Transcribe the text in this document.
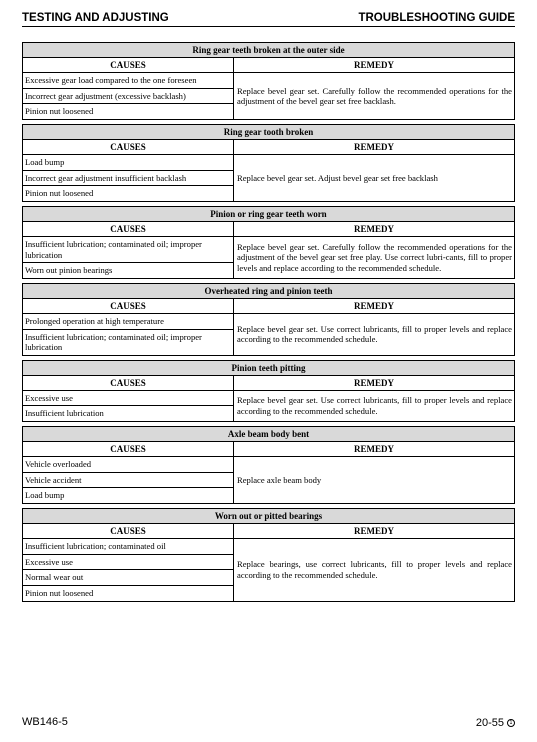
TESTING AND ADJUSTING	TROUBLESHOOTING GUIDE
Ring gear teeth broken at the outer side
CAUSES	REMEDY
Excessive gear load compared to the one foreseen
Incorrect gear adjustment (excessive backlash)
Pinion nut loosened
Replace bevel gear set. Carefully follow the recommended operations for the adjustment of the bevel gear set free backlash.
Ring gear tooth broken
CAUSES	REMEDY
Load bump
Incorrect gear adjustment insufficient backlash
Pinion nut loosened
Replace bevel gear set. Adjust bevel gear set free backlash
Pinion or ring gear teeth worn
CAUSES	REMEDY
Insufficient lubrication; contaminated oil; improper lubrication
Worn out pinion bearings
Replace bevel gear set. Carefully follow the recommended operations for the adjustment of the bevel gear set free play. Use correct lubri-cants, fill to proper levels and replace according to the recommended schedule.
Overheated ring and pinion teeth
CAUSES	REMEDY
Prolonged operation at high temperature
Insufficient lubrication; contaminated oil; improper lubrication
Replace bevel gear set. Use correct lubricants, fill to proper levels and replace according to the recommended schedule.
Pinion teeth pitting
CAUSES	REMEDY
Excessive use
Insufficient lubrication
Replace bevel gear set. Use correct lubricants, fill to proper levels and replace according to the recommended schedule.
Axle beam body bent
CAUSES	REMEDY
Vehicle overloaded
Vehicle accident
Load bump
Replace axle beam body
Worn out or pitted bearings
CAUSES	REMEDY
Insufficient lubrication; contaminated oil
Excessive use
Normal wear out
Pinion nut loosened
Replace bearings, use correct lubricants, fill to proper levels and replace according to the recommended schedule.
WB146-5	20-55	1
